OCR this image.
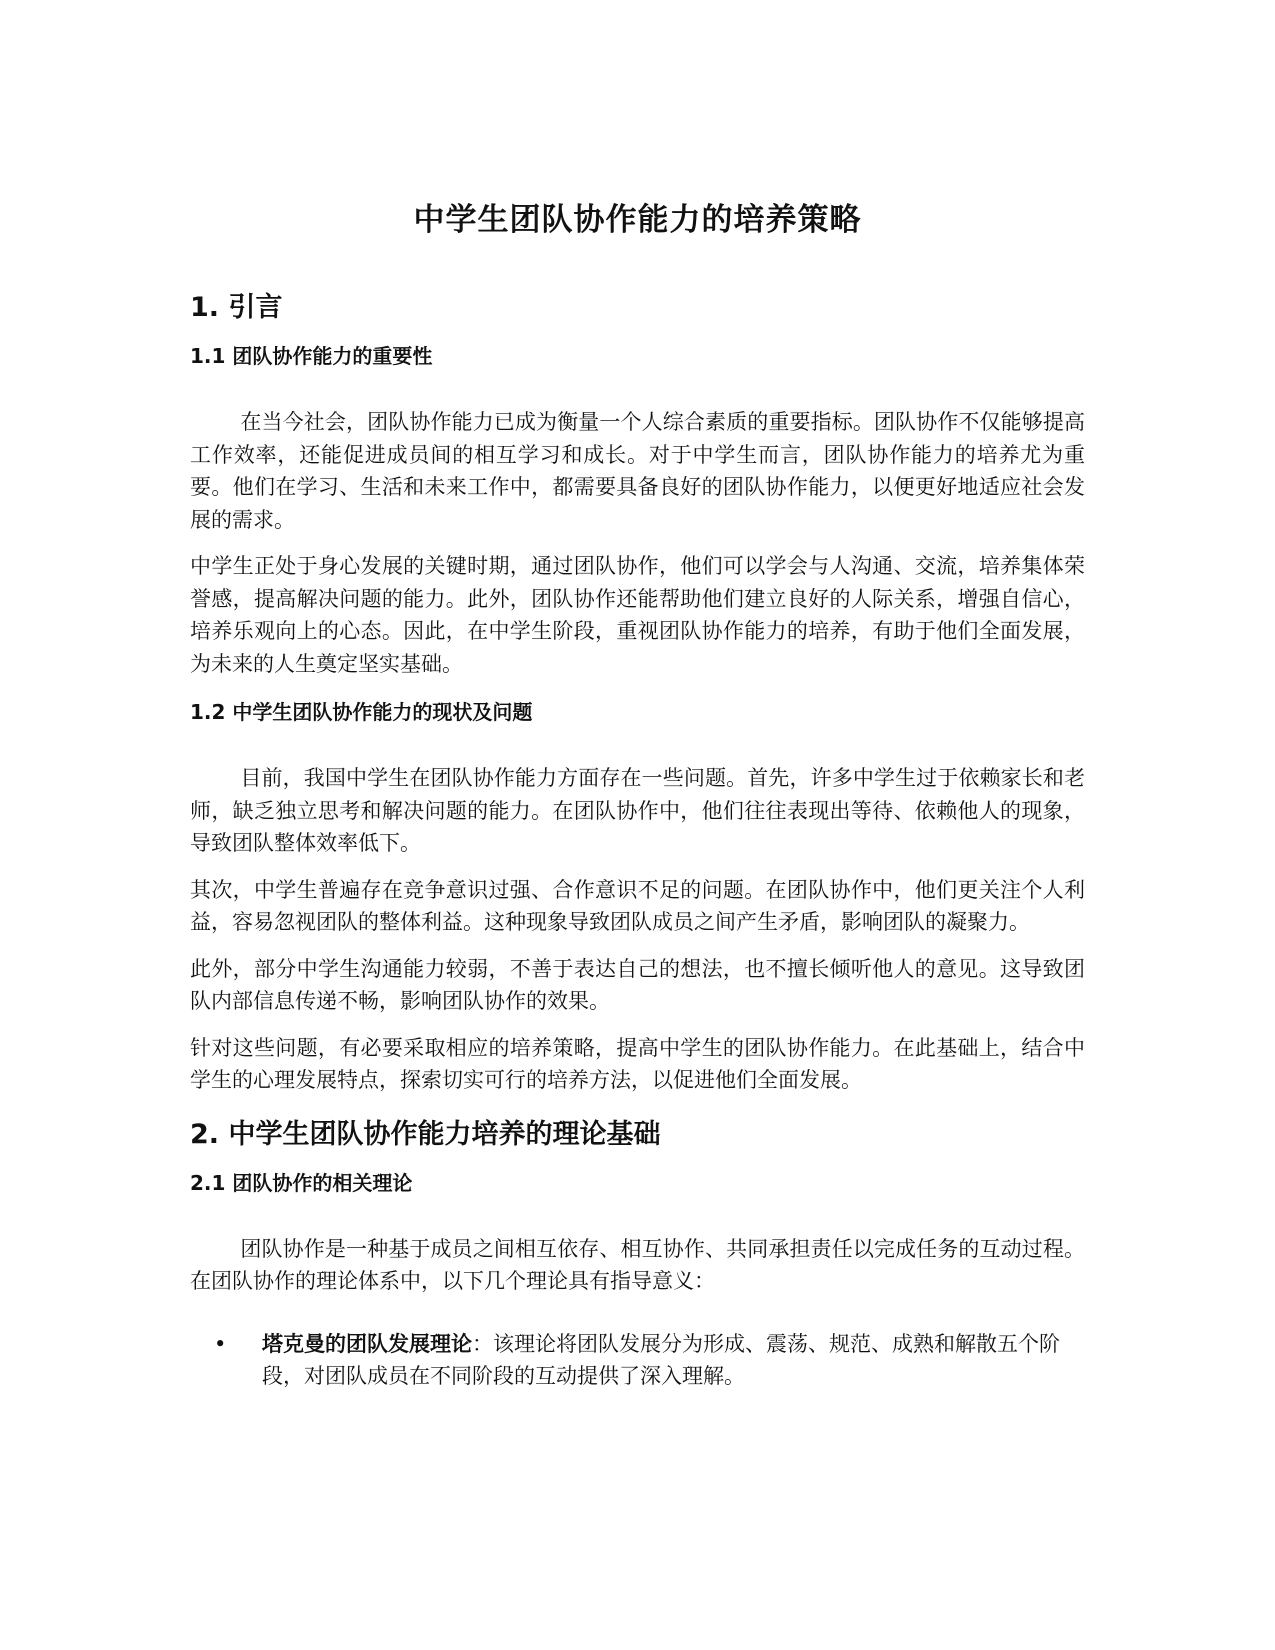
中学生团队协作能力的培养策略
1. 引言
1.1 团队协作能力的重要性

在当今社会，团队协作能力已成为衡量一个人综合素质的重要指标。团队协作不仅能够提高工作效率，还能促进成员间的相互学习和成长。对于中学生而言，团队协作能力的培养尤为重要。他们在学习、生活和未来工作中，都需要具备良好的团队协作能力，以便更好地适应社会发展的需求。

中学生正处于身心发展的关键时期，通过团队协作，他们可以学会与人沟通、交流，培养集体荣誉感，提高解决问题的能力。此外，团队协作还能帮助他们建立良好的人际关系，增强自信心，培养乐观向上的心态。因此，在中学生阶段，重视团队协作能力的培养，有助于他们全面发展，为未来的人生奠定坚实基础。

1.2 中学生团队协作能力的现状及问题

目前，我国中学生在团队协作能力方面存在一些问题。首先，许多中学生过于依赖家长和老师，缺乏独立思考和解决问题的能力。在团队协作中，他们往往表现出等待、依赖他人的现象，导致团队整体效率低下。

其次，中学生普遍存在竞争意识过强、合作意识不足的问题。在团队协作中，他们更关注个人利益，容易忽视团队的整体利益。这种现象导致团队成员之间产生矛盾，影响团队的凝聚力。

此外，部分中学生沟通能力较弱，不善于表达自己的想法，也不擅长倾听他人的意见。这导致团队内部信息传递不畅，影响团队协作的效果。

针对这些问题，有必要采取相应的培养策略，提高中学生的团队协作能力。在此基础上，结合中学生的心理发展特点，探索切实可行的培养方法，以促进他们全面发展。

2. 中学生团队协作能力培养的理论基础
2.1 团队协作的相关理论

团队协作是一种基于成员之间相互依存、相互协作、共同承担责任以完成任务的互动过程。在团队协作的理论体系中，以下几个理论具有指导意义：

• 塔克曼的团队发展理论：该理论将团队发展分为形成、震荡、规范、成熟和解散五个阶段，对团队成员在不同阶段的互动提供了深入理解。
